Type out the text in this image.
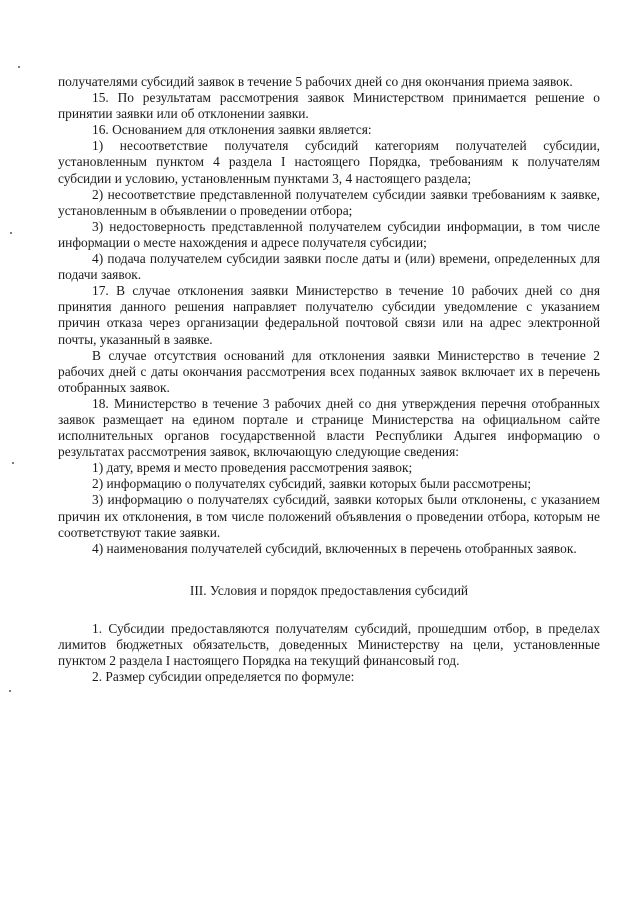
получателями субсидий заявок в течение 5 рабочих дней со дня окончания приема заявок.

15. По результатам рассмотрения заявок Министерством принимается решение о принятии заявки или об отклонении заявки.

16. Основанием для отклонения заявки является:

1) несоответствие получателя субсидий категориям получателей субсидии, установленным пунктом 4 раздела I настоящего Порядка, требованиям к получателям субсидии и условию, установленным пунктами 3, 4 настоящего раздела;

2) несоответствие представленной получателем субсидии заявки требованиям к заявке, установленным в объявлении о проведении отбора;

3) недостоверность представленной получателем субсидии информации, в том числе информации о месте нахождения и адресе получателя субсидии;

4) подача получателем субсидии заявки после даты и (или) времени, определенных для подачи заявок.

17. В случае отклонения заявки Министерство в течение 10 рабочих дней со дня принятия данного решения направляет получателю субсидии уведомление с указанием причин отказа через организации федеральной почтовой связи или на адрес электронной почты, указанный в заявке.

В случае отсутствия оснований для отклонения заявки Министерство в течение 2 рабочих дней с даты окончания рассмотрения всех поданных заявок включает их в перечень отобранных заявок.

18. Министерство в течение 3 рабочих дней со дня утверждения перечня отобранных заявок размещает на едином портале и странице Министерства на официальном сайте исполнительных органов государственной власти Республики Адыгея информацию о результатах рассмотрения заявок, включающую следующие сведения:

1) дату, время и место проведения рассмотрения заявок;

2) информацию о получателях субсидий, заявки которых были рассмотрены;

3) информацию о получателях субсидий, заявки которых были отклонены, с указанием причин их отклонения, в том числе положений объявления о проведении отбора, которым не соответствуют такие заявки.

4) наименования получателей субсидий, включенных в перечень отобранных заявок.

III. Условия и порядок предоставления субсидий

1. Субсидии предоставляются получателям субсидий, прошедшим отбор, в пределах лимитов бюджетных обязательств, доведенных Министерству на цели, установленные пунктом 2 раздела I настоящего Порядка на текущий финансовый год.

2. Размер субсидии определяется по формуле:
